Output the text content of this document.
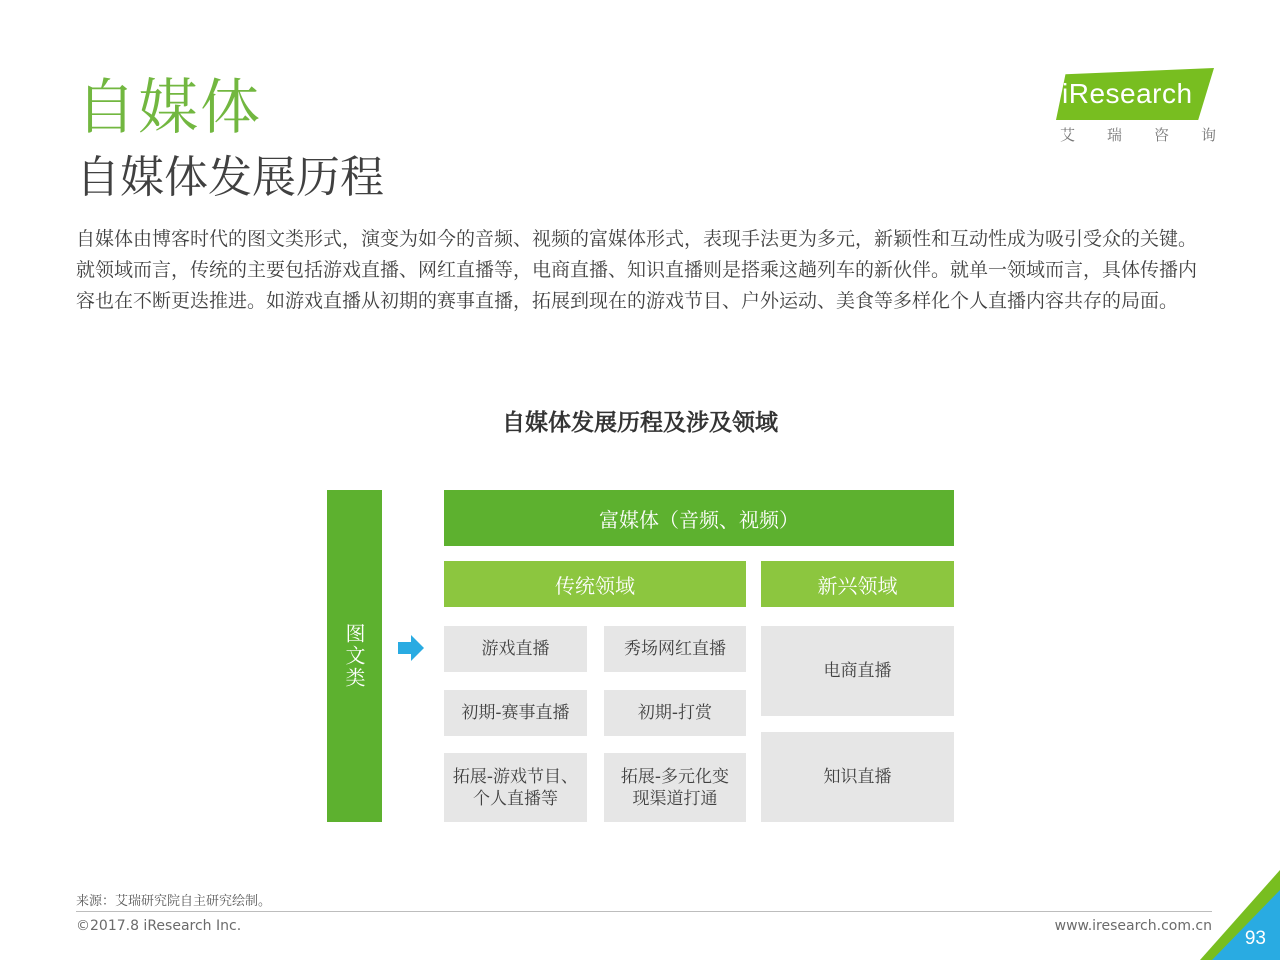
自媒体
自媒体发展历程
iResearch
艾 瑞 咨 询
自媒体由博客时代的图文类形式，演变为如今的音频、视频的富媒体形式，表现手法更为多元，新颖性和互动性成为吸引受众的关键。就领域而言，传统的主要包括游戏直播、网红直播等，电商直播、知识直播则是搭乘这趟列车的新伙伴。就单一领域而言，具体传播内容也在不断更迭推进。如游戏直播从初期的赛事直播，拓展到现在的游戏节目、户外运动、美食等多样化个人直播内容共存的局面。
自媒体发展历程及涉及领域
图文类
富媒体（音频、视频）
传统领域	新兴领域
游戏直播	秀场网红直播
初期-赛事直播	初期-打赏
拓展-游戏节目、
个人直播等
拓展-多元化变
现渠道打通
电商直播
知识直播
来源：艾瑞研究院自主研究绘制。
©2017.8 iResearch Inc.	www.iresearch.com.cn
93
